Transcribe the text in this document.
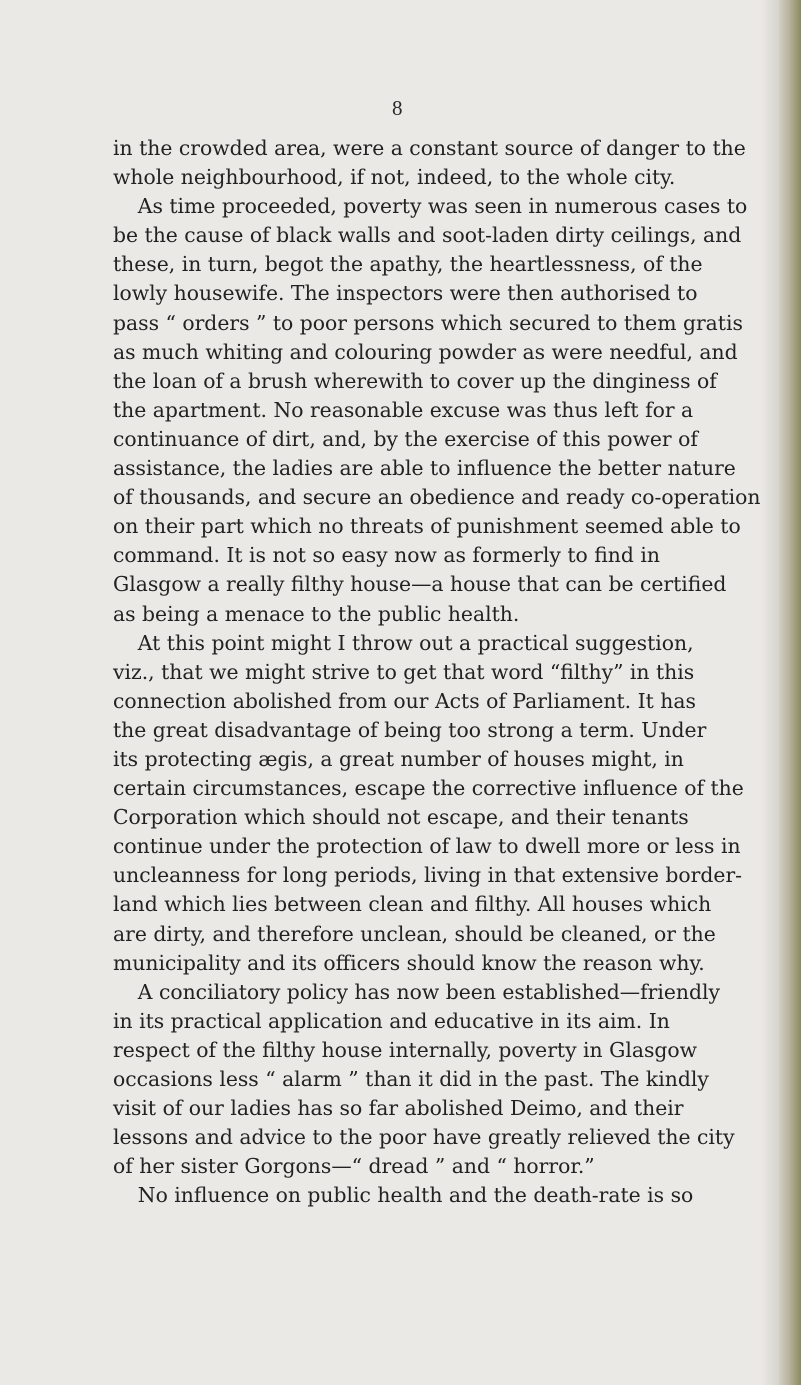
8
in the crowded area, were a constant source of danger to the
whole neighbourhood, if not, indeed, to the whole city.
As time proceeded, poverty was seen in numerous cases to
be the cause of black walls and soot-laden dirty ceilings, and
these, in turn, begot the apathy, the heartlessness, of the
lowly housewife. The inspectors were then authorised to
pass “ orders ” to poor persons which secured to them gratis
as much whiting and colouring powder as were needful, and
the loan of a brush wherewith to cover up the dinginess of
the apartment. No reasonable excuse was thus left for a
continuance of dirt, and, by the exercise of this power of
assistance, the ladies are able to influence the better nature
of thousands, and secure an obedience and ready co-operation
on their part which no threats of punishment seemed able to
command. It is not so easy now as formerly to find in
Glasgow a really filthy house—a house that can be certified
as being a menace to the public health.
At this point might I throw out a practical suggestion,
viz., that we might strive to get that word “filthy” in this
connection abolished from our Acts of Parliament. It has
the great disadvantage of being too strong a term. Under
its protecting ægis, a great number of houses might, in
certain circumstances, escape the corrective influence of the
Corporation which should not escape, and their tenants
continue under the protection of law to dwell more or less in
uncleanness for long periods, living in that extensive border-
land which lies between clean and filthy. All houses which
are dirty, and therefore unclean, should be cleaned, or the
municipality and its officers should know the reason why.
A conciliatory policy has now been established—friendly
in its practical application and educative in its aim. In
respect of the filthy house internally, poverty in Glasgow
occasions less “ alarm ” than it did in the past. The kindly
visit of our ladies has so far abolished Deimo, and their
lessons and advice to the poor have greatly relieved the city
of her sister Gorgons—“ dread ” and “ horror.”
No influence on public health and the death-rate is so
